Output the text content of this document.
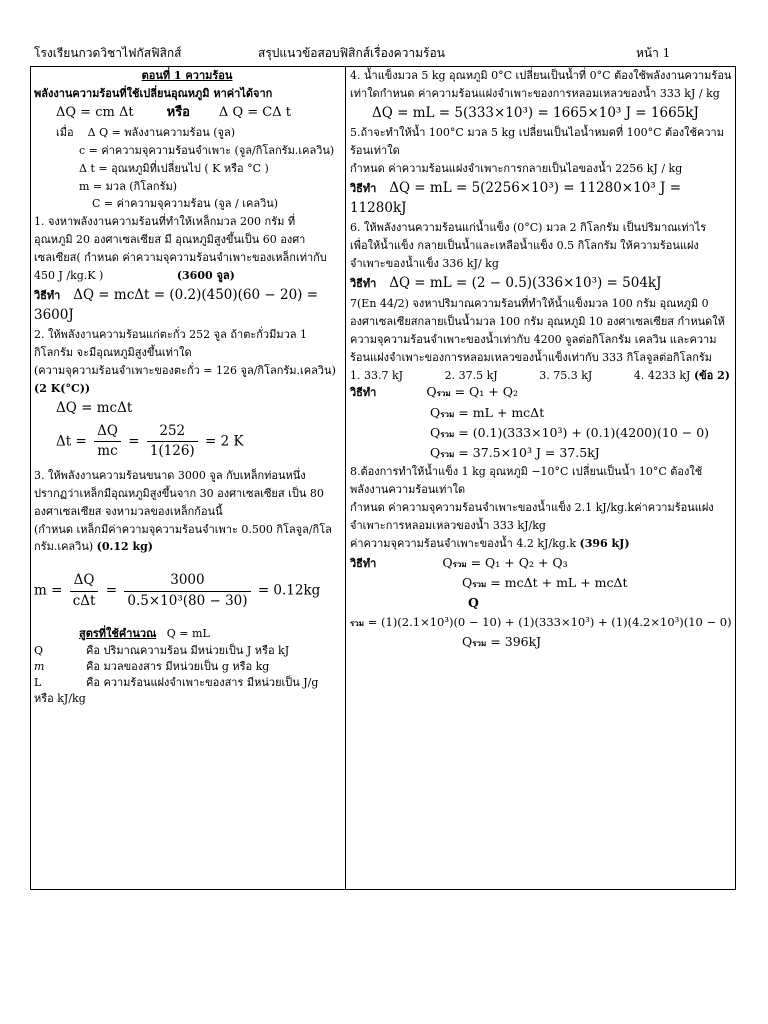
โรงเรียนกวดวิชาไฟกัสฟิสิกส์	สรุปแนวข้อสอบฟิสิกส์เรื่องความร้อน	หน้า 1

ตอนที่ 1 ความร้อน

พลังงานความร้อนที่ใช้เปลี่ยนอุณหภูมิ หาค่าได้จาก

ΔQ = cm Δt	หรือ Δ Q = CΔ t

เมื่อ Δ Q = พลังงานความร้อน (จูล)

c = ค่าความจุความร้อนจำเพาะ (จูล/กิโลกรัม.เคลวิน)

Δ t = อุณหภูมิที่เปลี่ยนไป ( K หรือ °C )

m = มวล (กิโลกรัม)

C = ค่าความจุความร้อน (จูล / เคลวิน)

1. จงหาพลังงานความร้อนที่ทำให้เหล็กมวล 200 กรัม ที่

อุณหภูมิ 20 องศาเซลเซียส มี อุณหภูมิสูงขึ้นเป็น 60 องศา

เซลเซียส( กำหนด ค่าความจุความร้อนจำเพาะของเหล็กเท่ากับ

450 J /kg.K )	(3600 จูล)

วิธีทำ ΔQ = mcΔt = (0.2)(450)(60 − 20) = 3600J

2. ให้พลังงานความร้อนแก่ตะกั่ว 252 จูล ถ้าตะกั่วมีมวล 1

กิโลกรัม จะมีอุณหภูมิสูงขึ้นเท่าใด

(ความจุความร้อนจำเพาะของตะกั่ว = 126 จูล/กิโลกรัม.เคลวิน)

(2 K(°C))

ΔQ = mcΔt

$\Delta t = \frac{\Delta Q}{mc} = \frac{252}{1(126)} = 2$ K

3. ให้พลังงานความร้อนขนาด 3000 จูล กับเหล็กท่อนหนึ่ง

ปรากฏว่าเหล็กมีอุณหภูมิสูงขึ้นจาก 30 องศาเซลเซียส เป็น 80

องศาเซลเซียส จงหามวลของเหล็กก้อนนี้

(กำหนด เหล็กมีค่าความจุความร้อนจำเพาะ 0.500 กิโลจูล/กิโล

กรัม.เคลวิน) (0.12 kg)

$m = \frac{\Delta Q}{\text{cΔt}} = \frac{3000}{\text{0.5×10³(80 − 30)}} = 0.12kg$

สูตรที่ใช้คำนวณ Q = mL

Q	คือ ปริมาณความร้อน มีหน่วยเป็น J หรือ kJ
m	คือ มวลของสาร มีหน่วยเป็น g หรือ kg
L	คือ ความร้อนแฝงจำเพาะของสาร มีหน่วยเป็น J/g

หรือ kJ/kg

4. น้ำแข็งมวล 5 kg อุณหภูมิ 0°C เปลี่ยนเป็นน้ำที่ 0°C ต้องใช้พลังงานความร้อน

เท่าใดกำหนด ค่าความร้อนแฝงจำเพาะของการหลอมเหลวของน้ำ 333 kJ / kg

ΔQ = mL = 5(333×10³) = 1665×10³ J = 1665kJ

5.ถ้าจะทำให้น้ำ 100°C มวล 5 kg เปลี่ยนเป็นไอน้ำหมดที่ 100°C ต้องใช้ความ

ร้อนเท่าใด

กำหนด ค่าความร้อนแฝงจำเพาะการกลายเป็นไอของน้ำ 2256 kJ / kg

วิธีทำ ΔQ = mL = 5(2256×10³) = 11280×10³ J = 11280kJ

6. ให้พลังงานความร้อนแก่น้ำแข็ง (0°C) มวล 2 กิโลกรัม เป็นปริมาณเท่าไร

เพื่อให้น้ำแข็ง กลายเป็นน้ำและเหลือน้ำแข็ง 0.5 กิโลกรัม ให้ความร้อนแฝง

จำเพาะของน้ำแข็ง 336 kJ/ kg

วิธีทำ ΔQ = mL = (2 − 0.5)(336×10³) = 504kJ

7(En 44/2) จงหาปริมาณความร้อนที่ทำให้น้ำแข็งมวล 100 กรัม อุณหภูมิ 0

องศาเซลเซียสกลายเป็นน้ำมวล 100 กรัม อุณหภูมิ 10 องศาเซลเซียส กำหนดให้

ความจุความร้อนจำเพาะของน้ำเท่ากับ 4200 จูลต่อกิโลกรัม เคลวิน และความ

ร้อนแฝงจำเพาะของการหลอมเหลวของน้ำแข็งเท่ากับ 333 กิโลจูลต่อกิโลกรัม

1. 33.7 kJ	2. 37.5 kJ	3. 75.3 kJ	4. 4233 kJ (ข้อ 2)

วิธีทำ	Qรวม = Q₁ + Q₂

Qรวม = mL + mcΔt

Qรวม = (0.1)(333×10³) + (0.1)(4200)(10 − 0)

Qรวม = 37.5×10³ J = 37.5kJ

8.ต้องการทำให้น้ำแข็ง 1 kg อุณหภูมิ −10°C เปลี่ยนเป็นน้ำ 10°C ต้องใช้

พลังงานความร้อนเท่าใด

กำหนด ค่าความจุความร้อนจำเพาะของน้ำแข็ง 2.1 kJ/kg.kค่าความร้อนแฝง

จำเพาะการหลอมเหลวของน้ำ 333 kJ/kg

ค่าความจุความร้อนจำเพาะของน้ำ 4.2 kJ/kg.k (396 kJ)

วิธีทำ	Qรวม = Q₁ + Q₂ + Q₃

Qรวม = mcΔt + mL + mcΔt

Q

รวม = (1)(2.1×10³)(0 − 10) + (1)(333×10³) + (1)(4.2×10³)(10 − 0)

Qรวม = 396kJ
